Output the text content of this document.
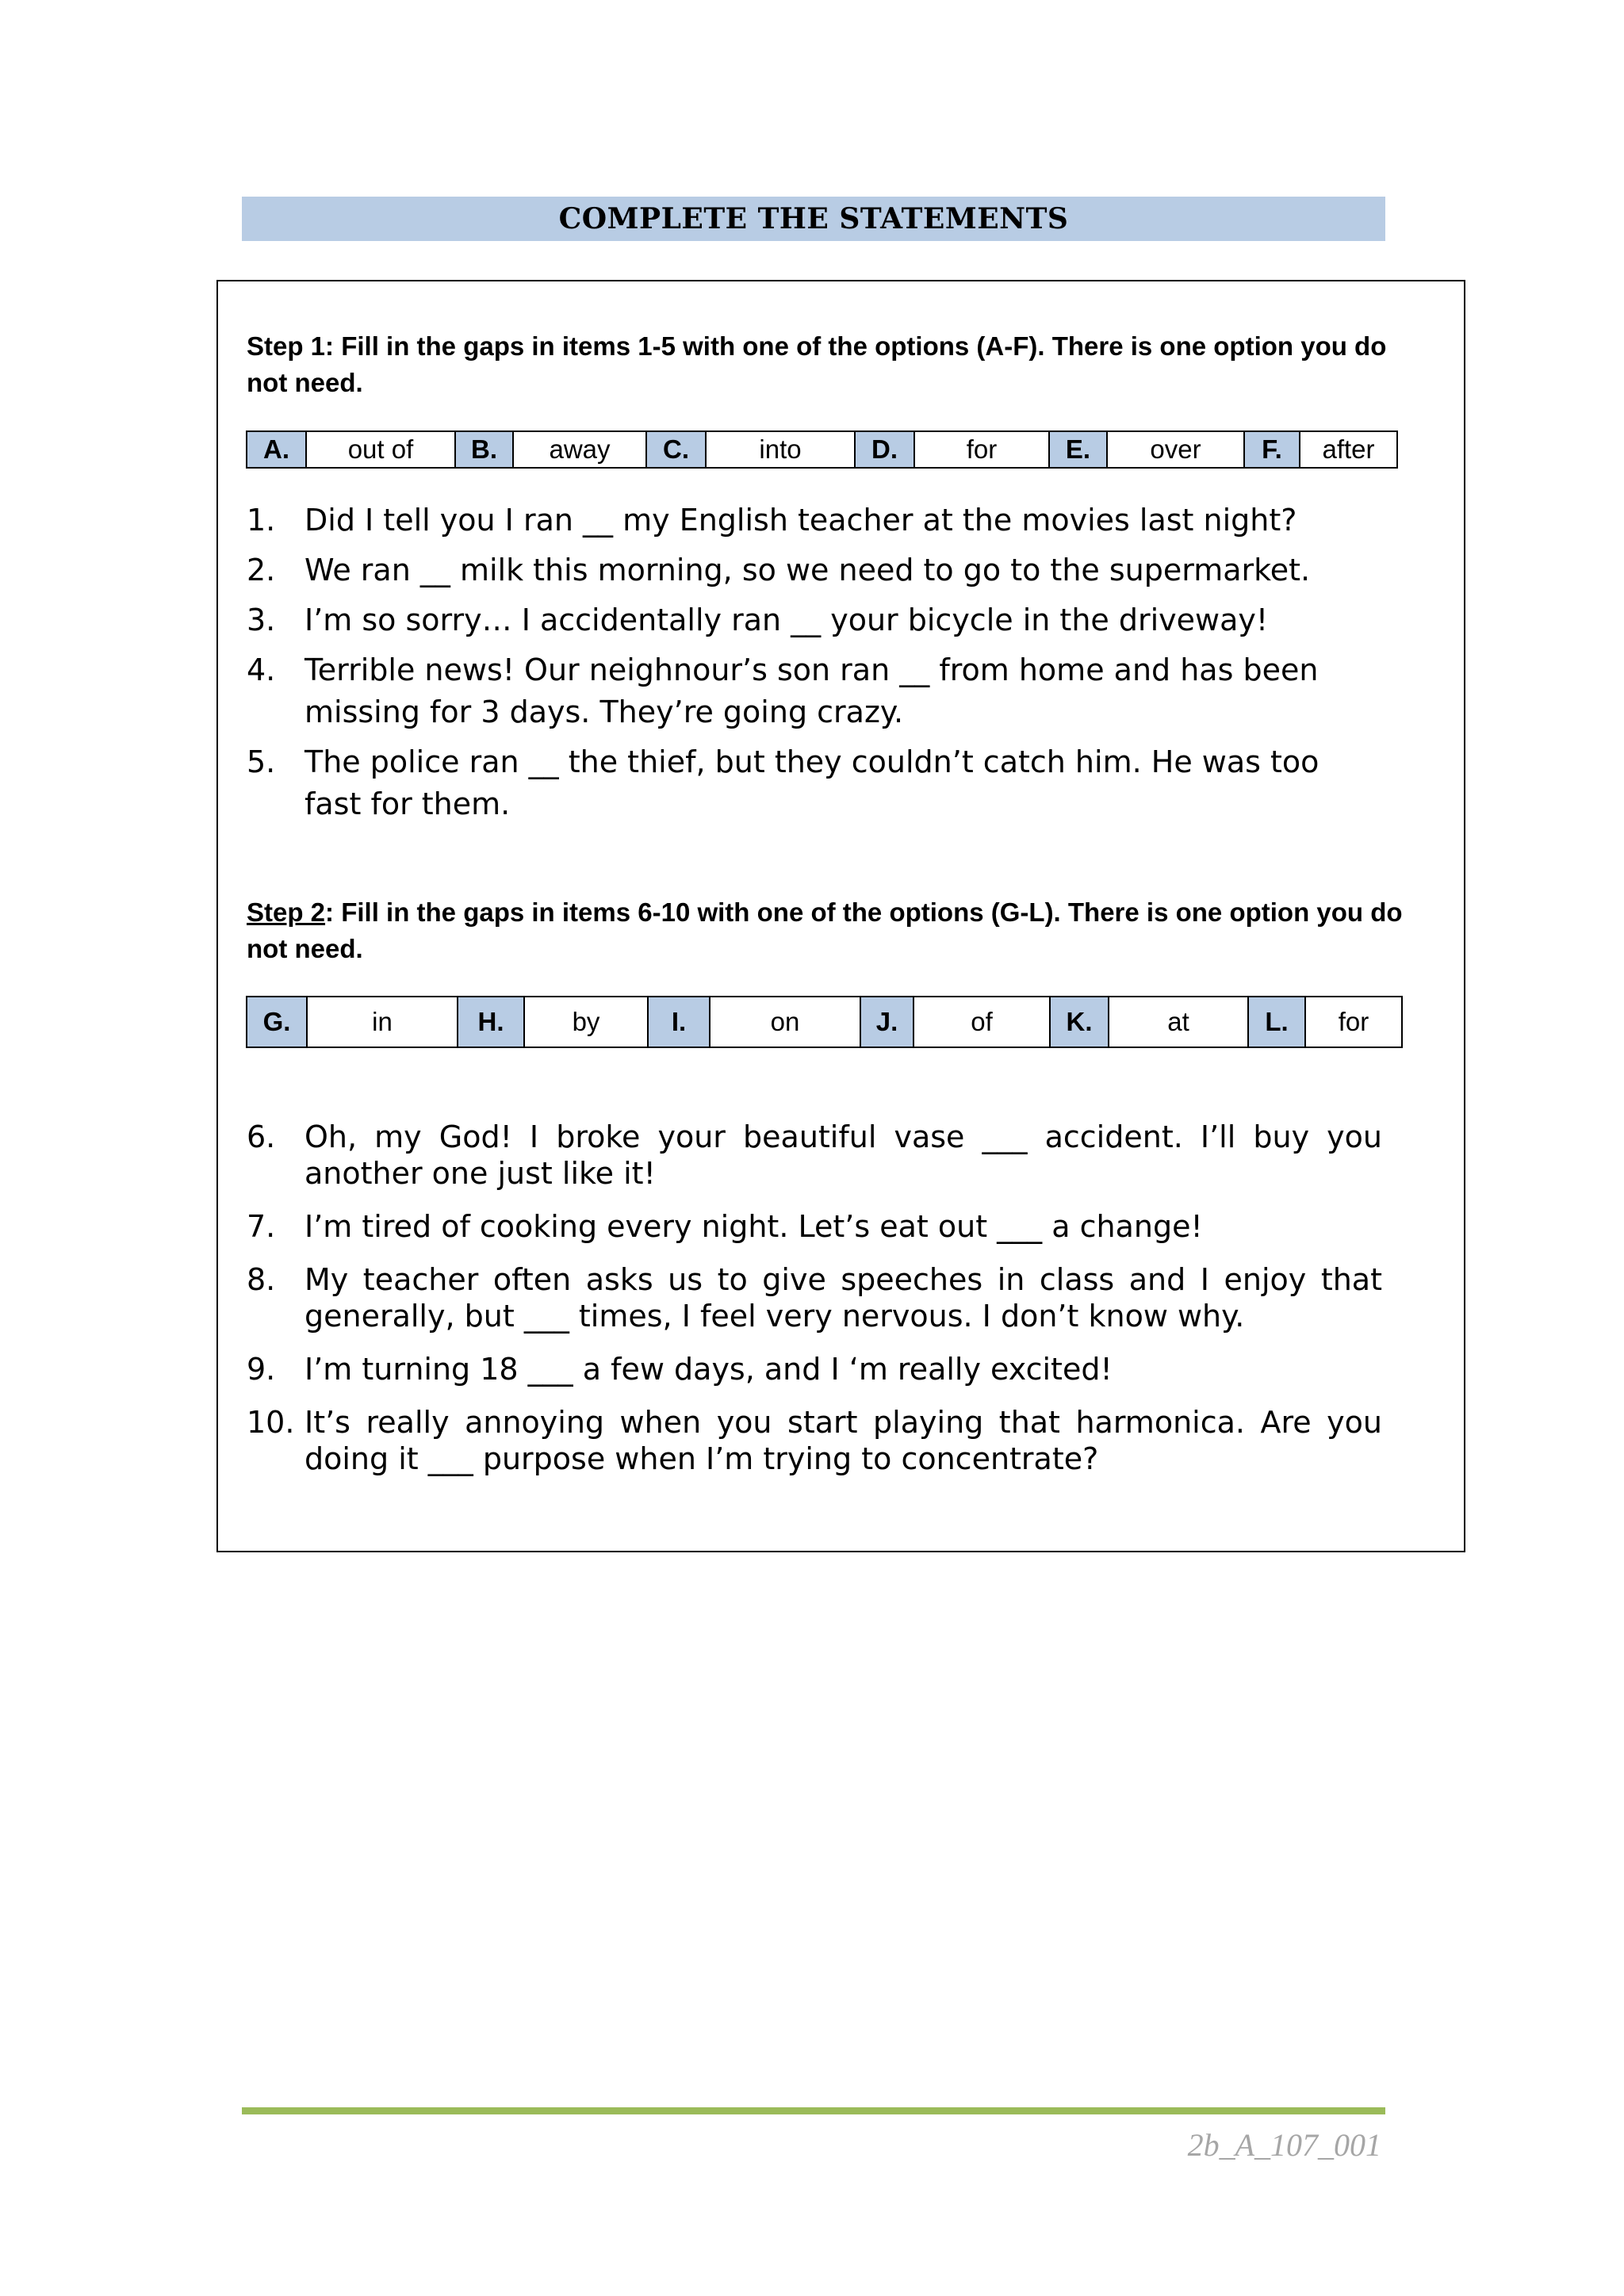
COMPLETE THE STATEMENTS
Step 1: Fill in the gaps in items 1-5 with one of the options (A-F). There is one option you do not need.
A.	out of	B.	away	C.	into	D.	for	E.	over	F.	after
1. Did I tell you I ran __ my English teacher at the movies last night?
2. We ran __ milk this morning, so we need to go to the supermarket.
3. I’m so sorry… I accidentally ran __ your bicycle in the driveway!
4. Terrible news! Our neighnour’s son ran __ from home and has been missing for 3 days. They’re going crazy.
5. The police ran __ the thief, but they couldn’t catch him. He was too fast for them.
Step 2: Fill in the gaps in items 6-10 with one of the options (G-L). There is one option you do not need.
G.	in	H.	by	I.	on	J.	of	K.	at	L.	for
6. Oh, my God! I broke your beautiful vase ___ accident. I’ll buy you another one just like it!
7. I’m tired of cooking every night. Let’s eat out ___ a change!
8. My teacher often asks us to give speeches in class and I enjoy that generally, but ___ times, I feel very nervous. I don’t know why.
9. I’m turning 18 ___ a few days, and I ‘m really excited!
10. It’s really annoying when you start playing that harmonica. Are you doing it ___ purpose when I’m trying to concentrate?
2b_A_107_001
